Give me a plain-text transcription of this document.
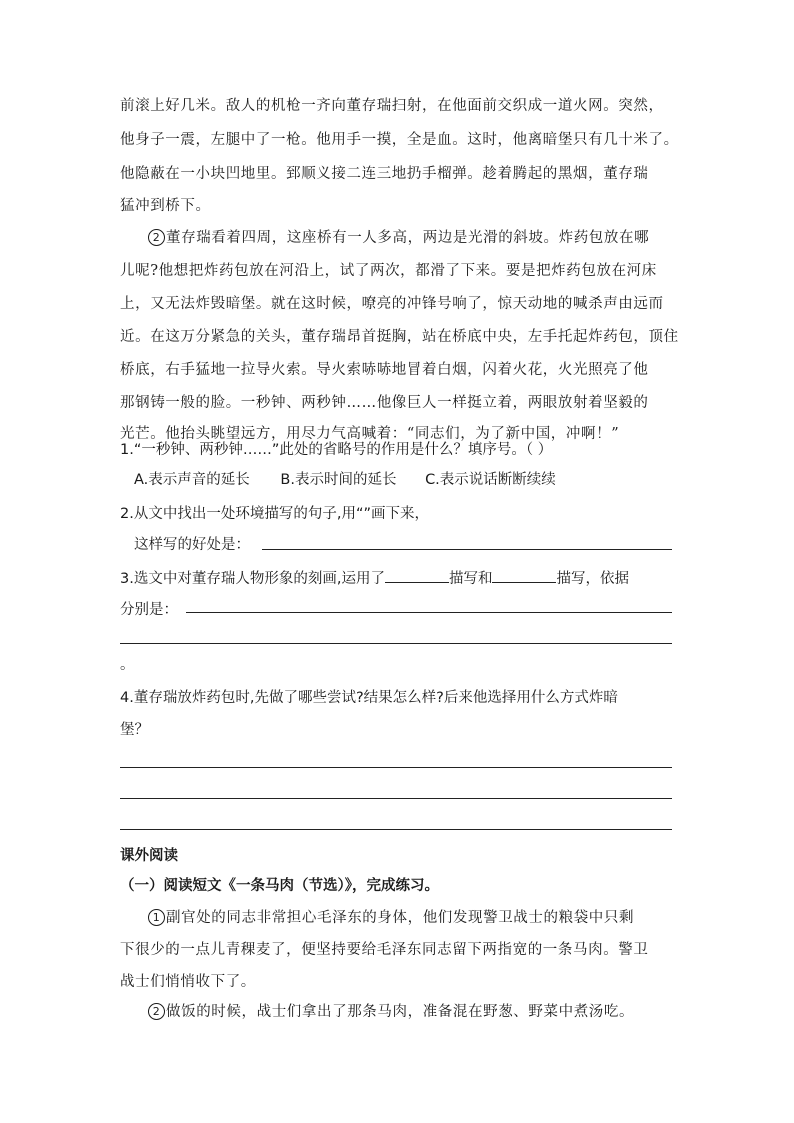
前滚上好几米。敌人的机枪一齐向董存瑞扫射，在他面前交织成一道火网。突然，
他身子一震，左腿中了一枪。他用手一摸，全是血。这时，他离暗堡只有几十米了。
他隐蔽在一小块凹地里。郅顺义接二连三地扔手榴弹。趁着腾起的黑烟，董存瑞
猛冲到桥下。
2 董存瑞看着四周，这座桥有一人多高，两边是光滑的斜坡。炸药包放在哪
儿呢?他想把炸药包放在河沿上，试了两次，都滑了下来。要是把炸药包放在河床
上，又无法炸毁暗堡。就在这时候，嘹亮的冲锋号响了，惊天动地的喊杀声由远而
近。在这万分紧急的关头，董存瑞昂首挺胸，站在桥底中央，左手托起炸药包，顶住
桥底，右手猛地一拉导火索。导火索哧哧地冒着白烟，闪着火花，火光照亮了他
那钢铸一般的脸。一秒钟、两秒钟……他像巨人一样挺立着，两眼放射着坚毅的
光芒。他抬头眺望远方，用尽力气高喊着：“同志们，为了新中国，冲啊！”
1.“一秒钟、两秒钟……”此处的省略号的作用是什么？填序号。（ ）
A.表示声音的延长 B.表示时间的延长 C.表示说话断断续续
2.从文中找出一处环境描写的句子,用“”画下来，
这样写的好处是：
3.选文中对董存瑞人物形象的刻画,运用了	描写和	描写，依据
分别是：
。
4.董存瑞放炸药包时,先做了哪些尝试?结果怎么样?后来他选择用什么方式炸暗
堡？
课外阅读
（一）阅读短文《一条马肉（节选）》，完成练习。
1 副官处的同志非常担心毛泽东的身体，他们发现警卫战士的粮袋中只剩
下很少的一点儿青稞麦了，便坚持要给毛泽东同志留下两指宽的一条马肉。警卫
战士们悄悄收下了。
2 做饭的时候，战士们拿出了那条马肉，准备混在野葱、野菜中煮汤吃。
